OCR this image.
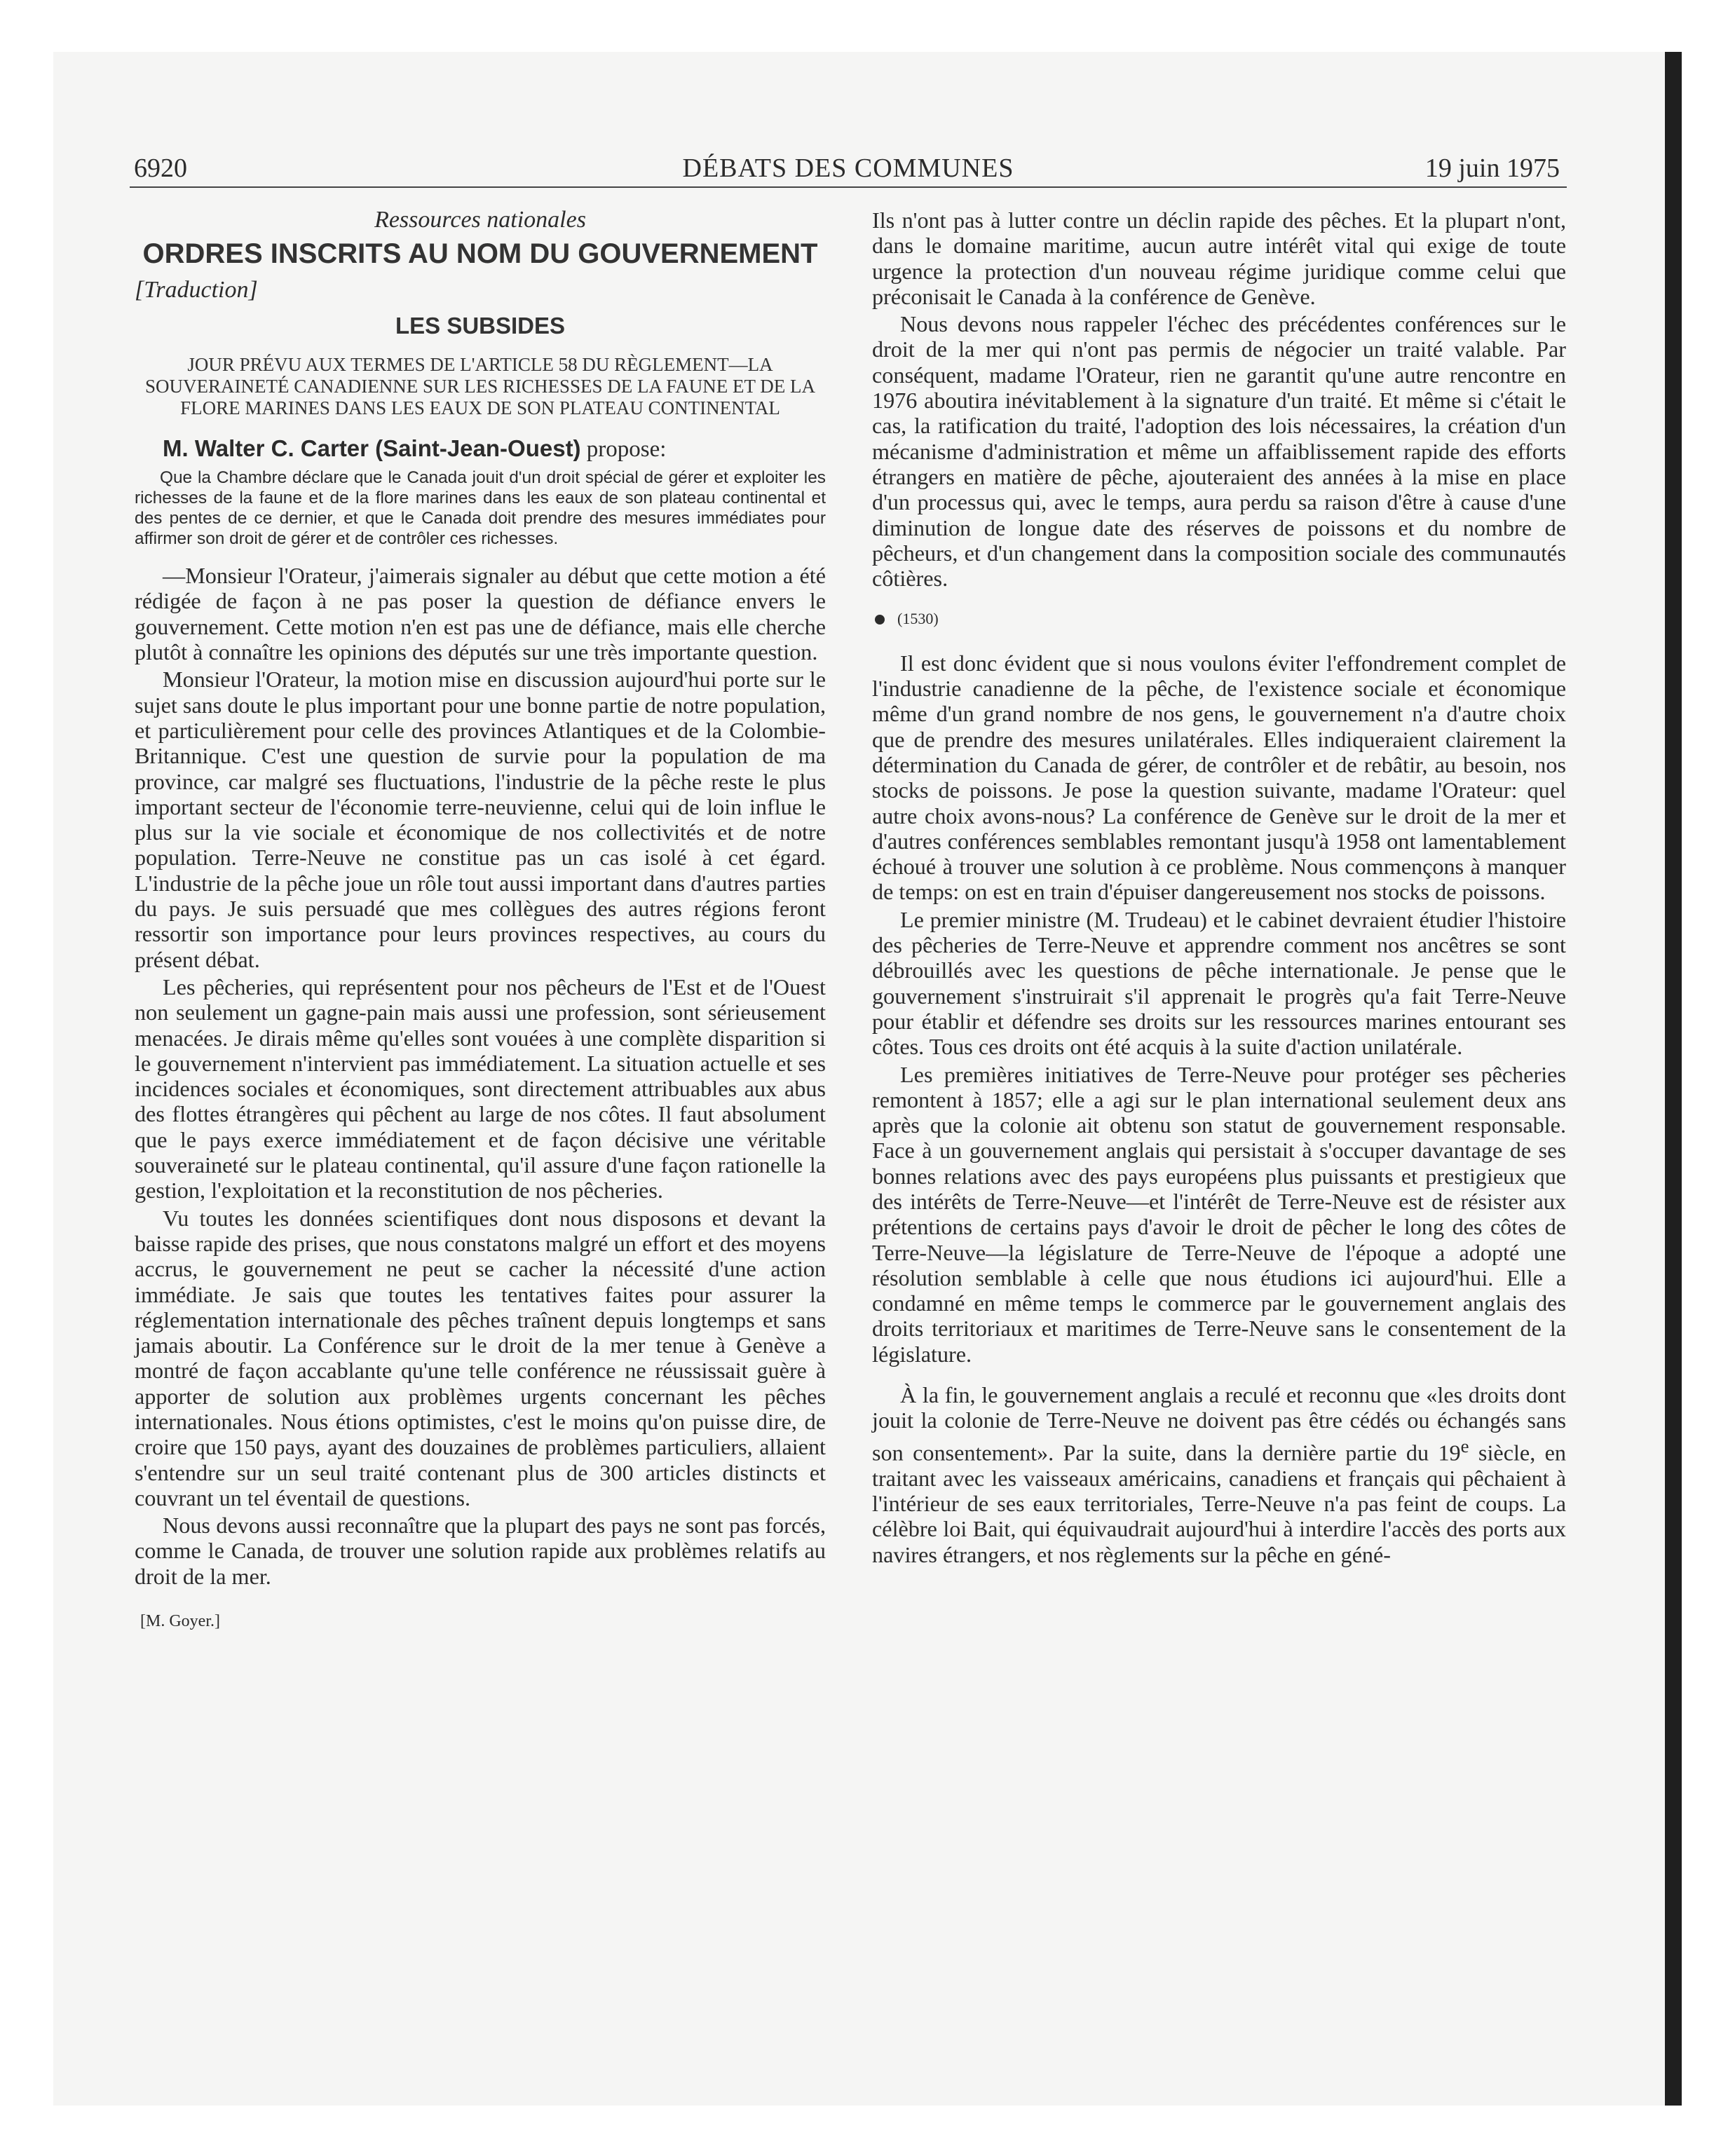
6920	DÉBATS DES COMMUNES	19 juin 1975
Ressources nationales
ORDRES INSCRITS AU NOM DU GOUVERNEMENT
[Traduction]
LES SUBSIDES
JOUR PRÉVU AUX TERMES DE L'ARTICLE 58 DU RÈGLEMENT—LA SOUVERAINETÉ CANADIENNE SUR LES RICHESSES DE LA FAUNE ET DE LA FLORE MARINES DANS LES EAUX DE SON PLATEAU CONTINENTAL
M. Walter C. Carter (Saint-Jean-Ouest) propose:
Que la Chambre déclare que le Canada jouit d'un droit spécial de gérer et exploiter les richesses de la faune et de la flore marines dans les eaux de son plateau continental et des pentes de ce dernier, et que le Canada doit prendre des mesures immédiates pour affirmer son droit de gérer et de contrôler ces richesses.

—Monsieur l'Orateur, j'aimerais signaler au début que cette motion a été rédigée de façon à ne pas poser la question de défiance envers le gouvernement. Cette motion n'en est pas une de défiance, mais elle cherche plutôt à connaître les opinions des députés sur une très importante question.

Monsieur l'Orateur, la motion mise en discussion aujourd'hui porte sur le sujet sans doute le plus important pour une bonne partie de notre population, et particulièrement pour celle des provinces Atlantiques et de la Colombie-Britannique. C'est une question de survie pour la population de ma province, car malgré ses fluctuations, l'industrie de la pêche reste le plus important secteur de l'économie terre-neuvienne, celui qui de loin influe le plus sur la vie sociale et économique de nos collectivités et de notre population. Terre-Neuve ne constitue pas un cas isolé à cet égard. L'industrie de la pêche joue un rôle tout aussi important dans d'autres parties du pays. Je suis persuadé que mes collègues des autres régions feront ressortir son importance pour leurs provinces respectives, au cours du présent débat.

Les pêcheries, qui représentent pour nos pêcheurs de l'Est et de l'Ouest non seulement un gagne-pain mais aussi une profession, sont sérieusement menacées. Je dirais même qu'elles sont vouées à une complète disparition si le gouvernement n'intervient pas immédiatement. La situation actuelle et ses incidences sociales et économiques, sont directement attribuables aux abus des flottes étrangères qui pêchent au large de nos côtes. Il faut absolument que le pays exerce immédiatement et de façon décisive une véritable souveraineté sur le plateau continental, qu'il assure d'une façon rationelle la gestion, l'exploitation et la reconstitution de nos pêcheries.

Vu toutes les données scientifiques dont nous disposons et devant la baisse rapide des prises, que nous constatons malgré un effort et des moyens accrus, le gouvernement ne peut se cacher la nécessité d'une action immédiate. Je sais que toutes les tentatives faites pour assurer la réglementation internationale des pêches traînent depuis longtemps et sans jamais aboutir. La Conférence sur le droit de la mer tenue à Genève a montré de façon accablante qu'une telle conférence ne réussissait guère à apporter de solution aux problèmes urgents concernant les pêches internationales. Nous étions optimistes, c'est le moins qu'on puisse dire, de croire que 150 pays, ayant des douzaines de problèmes particuliers, allaient s'entendre sur un seul traité contenant plus de 300 articles distincts et couvrant un tel éventail de questions.

Nous devons aussi reconnaître que la plupart des pays ne sont pas forcés, comme le Canada, de trouver une solution rapide aux problèmes relatifs au droit de la mer.

[M. Goyer.]

Ils n'ont pas à lutter contre un déclin rapide des pêches. Et la plupart n'ont, dans le domaine maritime, aucun autre intérêt vital qui exige de toute urgence la protection d'un nouveau régime juridique comme celui que préconisait le Canada à la conférence de Genève.

Nous devons nous rappeler l'échec des précédentes conférences sur le droit de la mer qui n'ont pas permis de négocier un traité valable. Par conséquent, madame l'Orateur, rien ne garantit qu'une autre rencontre en 1976 aboutira inévitablement à la signature d'un traité. Et même si c'était le cas, la ratification du traité, l'adoption des lois nécessaires, la création d'un mécanisme d'administration et même un affaiblissement rapide des efforts étrangers en matière de pêche, ajouteraient des années à la mise en place d'un processus qui, avec le temps, aura perdu sa raison d'être à cause d'une diminution de longue date des réserves de poissons et du nombre de pêcheurs, et d'un changement dans la composition sociale des communautés côtières.

(1530)

Il est donc évident que si nous voulons éviter l'effondrement complet de l'industrie canadienne de la pêche, de l'existence sociale et économique même d'un grand nombre de nos gens, le gouvernement n'a d'autre choix que de prendre des mesures unilatérales. Elles indiqueraient clairement la détermination du Canada de gérer, de contrôler et de rebâtir, au besoin, nos stocks de poissons. Je pose la question suivante, madame l'Orateur: quel autre choix avons-nous? La conférence de Genève sur le droit de la mer et d'autres conférences semblables remontant jusqu'à 1958 ont lamentablement échoué à trouver une solution à ce problème. Nous commençons à manquer de temps: on est en train d'épuiser dangereusement nos stocks de poissons.

Le premier ministre (M. Trudeau) et le cabinet devraient étudier l'histoire des pêcheries de Terre-Neuve et apprendre comment nos ancêtres se sont débrouillés avec les questions de pêche internationale. Je pense que le gouvernement s'instruirait s'il apprenait le progrès qu'a fait Terre-Neuve pour établir et défendre ses droits sur les ressources marines entourant ses côtes. Tous ces droits ont été acquis à la suite d'action unilatérale.

Les premières initiatives de Terre-Neuve pour protéger ses pêcheries remontent à 1857; elle a agi sur le plan international seulement deux ans après que la colonie ait obtenu son statut de gouvernement responsable. Face à un gouvernement anglais qui persistait à s'occuper davantage de ses bonnes relations avec des pays européens plus puissants et prestigieux que des intérêts de Terre-Neuve—et l'intérêt de Terre-Neuve est de résister aux prétentions de certains pays d'avoir le droit de pêcher le long des côtes de Terre-Neuve—la législature de Terre-Neuve de l'époque a adopté une résolution semblable à celle que nous étudions ici aujourd'hui. Elle a condamné en même temps le commerce par le gouvernement anglais des droits territoriaux et maritimes de Terre-Neuve sans le consentement de la législature.

À la fin, le gouvernement anglais a reculé et reconnu que «les droits dont jouit la colonie de Terre-Neuve ne doivent pas être cédés ou échangés sans son consentement». Par la suite, dans la dernière partie du 19e siècle, en traitant avec les vaisseaux américains, canadiens et français qui pêchaient à l'intérieur de ses eaux territoriales, Terre-Neuve n'a pas feint de coups. La célèbre loi Bait, qui équivaudrait aujourd'hui à interdire l'accès des ports aux navires étrangers, et nos règlements sur la pêche en géné-
